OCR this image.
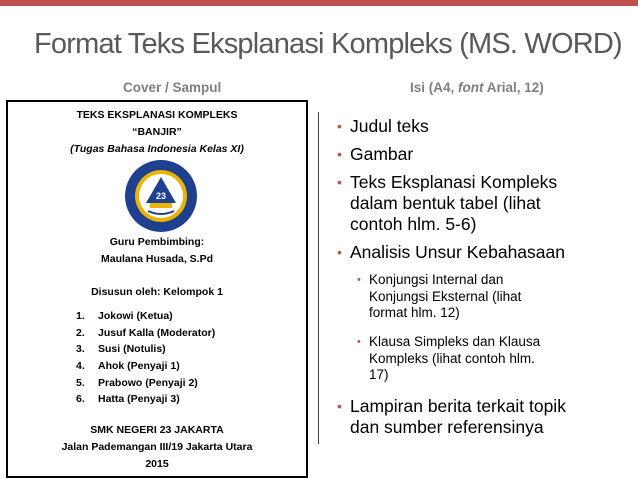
Format Teks Eksplanasi Kompleks (MS. WORD)
Cover / Sampul	Isi (A4, font Arial, 12)
TEKS EKSPLANASI KOMPLEKS
“BANJIR”
(Tugas Bahasa Indonesia Kelas XI)
23
Guru Pembimbing:
Maulana Husada, S.Pd
Disusun oleh: Kelompok 1
1. Jokowi (Ketua)
2. Jusuf Kalla (Moderator)
3. Susi (Notulis)
4. Ahok (Penyaji 1)
5. Prabowo (Penyaji 2)
6. Hatta (Penyaji 3)
SMK NEGERI 23 JAKARTA
Jalan Pademangan III/19 Jakarta Utara
2015
• Judul teks
• Gambar
• Teks Eksplanasi Kompleks
dalam bentuk tabel (lihat
contoh hlm. 5-6)
• Analisis Unsur Kebahasaan
• Konjungsi Internal dan
Konjungsi Eksternal (lihat
format hlm. 12)
• Klausa Simpleks dan Klausa
Kompleks (lihat contoh hlm.
17)
• Lampiran berita terkait topik
dan sumber referensinya
